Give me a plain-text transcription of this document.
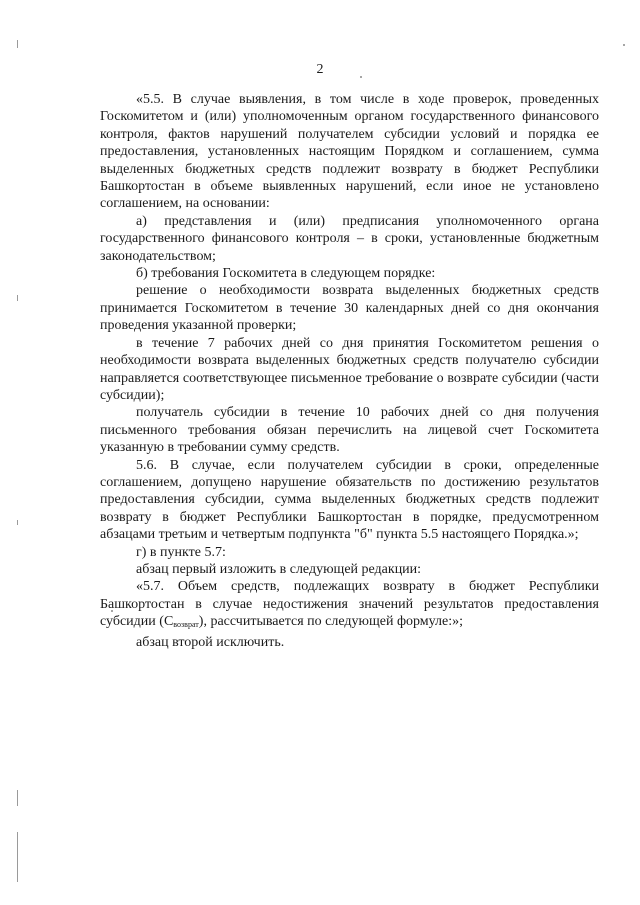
2

«5.5. В случае выявления, в том числе в ходе проверок, проведенных Госкомитетом и (или) уполномоченным органом государственного финансового контроля, фактов нарушений получателем субсидии условий и порядка ее предоставления, установленных настоящим Порядком и соглашением, сумма выделенных бюджетных средств подлежит возврату в бюджет Республики Башкортостан в объеме выявленных нарушений, если иное не установлено соглашением, на основании:

а) представления и (или) предписания уполномоченного органа государственного финансового контроля – в сроки, установленные бюджетным законодательством;

б) требования Госкомитета в следующем порядке:

решение о необходимости возврата выделенных бюджетных средств принимается Госкомитетом в течение 30 календарных дней со дня окончания проведения указанной проверки;

в течение 7 рабочих дней со дня принятия Госкомитетом решения о необходимости возврата выделенных бюджетных средств получателю субсидии направляется соответствующее письменное требование о возврате субсидии (части субсидии);

получатель субсидии в течение 10 рабочих дней со дня получения письменного требования обязан перечислить на лицевой счет Госкомитета указанную в требовании сумму средств.

5.6. В случае, если получателем субсидии в сроки, определенные соглашением, допущено нарушение обязательств по достижению результатов предоставления субсидии, сумма выделенных бюджетных средств подлежит возврату в бюджет Республики Башкортостан в порядке, предусмотренном абзацами третьим и четвертым подпункта "б" пункта 5.5 настоящего Порядка.»;

г) в пункте 5.7:

абзац первый изложить в следующей редакции:

«5.7. Объем средств, подлежащих возврату в бюджет Республики Башкортостан в случае недостижения значений результатов предоставления субсидии $(С_{возврат})$, рассчитывается по следующей формуле:»;

абзац второй исключить.
